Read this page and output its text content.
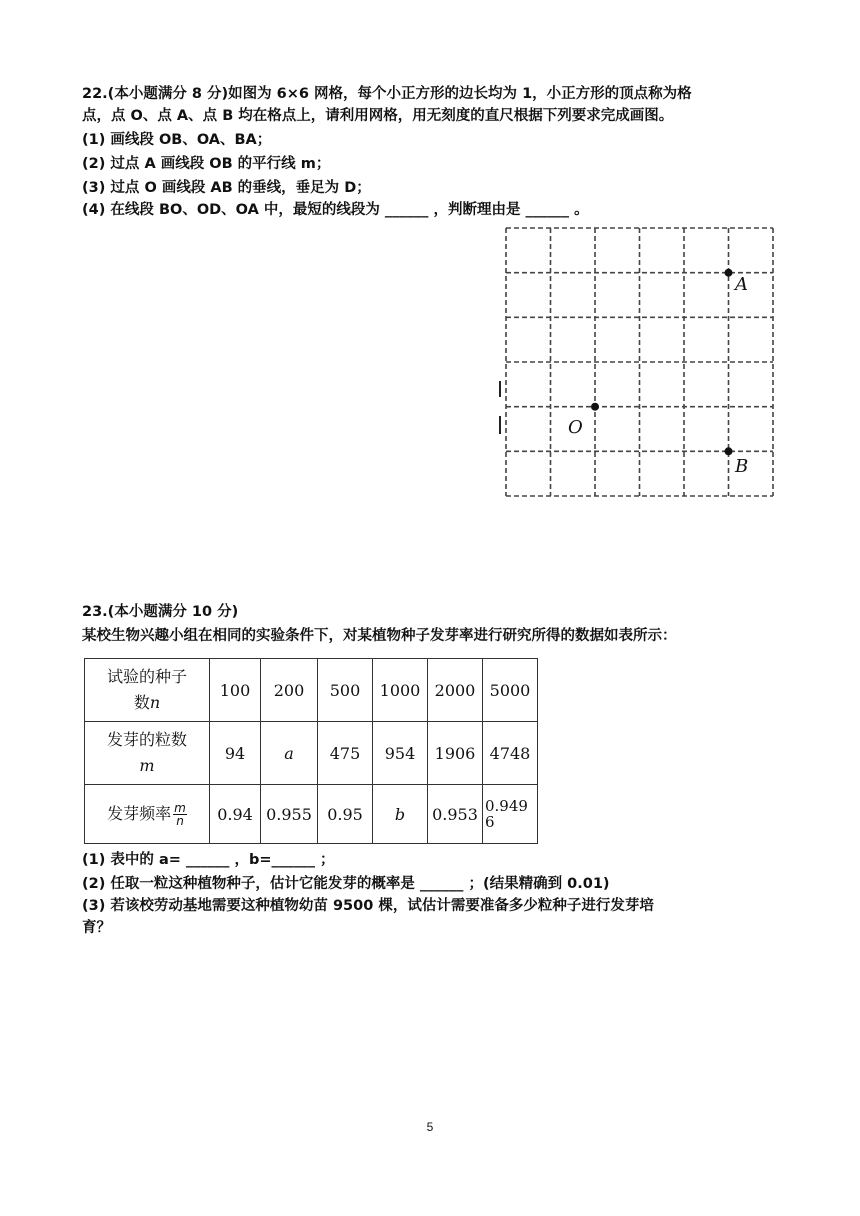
22.(本小题满分 8 分)如图为 6×6 网格，每个小正方形的边长均为 1，小正方形的顶点称为格
点，点 O、点 A、点 B 均在格点上，请利用网格，用无刻度的直尺根据下列要求完成画图。
(1) 画线段 OB、OA、BA；
(2) 过点 A 画线段 OB 的平行线 m；
(3) 过点 O 画线段 AB 的垂线，垂足为 D；
(4) 在线段 BO、OD、OA 中，最短的线段为 ______ ，判断理由是 ______ 。
A
O
B
23.(本小题满分 10 分)
某校生物兴趣小组在相同的实验条件下，对某植物种子发芽率进行研究所得的数据如表所示：
试验的种子
数n	100	200	500	1000	2000	5000
发芽的粒数
m	94	a	475	954	1906	4748
发芽频率 $\frac{m}{n}$	0.94	0.955	0.95	b	0.953	0.949
6
(1) 表中的 a= ______ ，b=______ ；
(2) 任取一粒这种植物种子，估计它能发芽的概率是 ______ ；(结果精确到 0.01)
(3) 若该校劳动基地需要这种植物幼苗 9500 棵，试估计需要准备多少粒种子进行发芽培
育？
5
